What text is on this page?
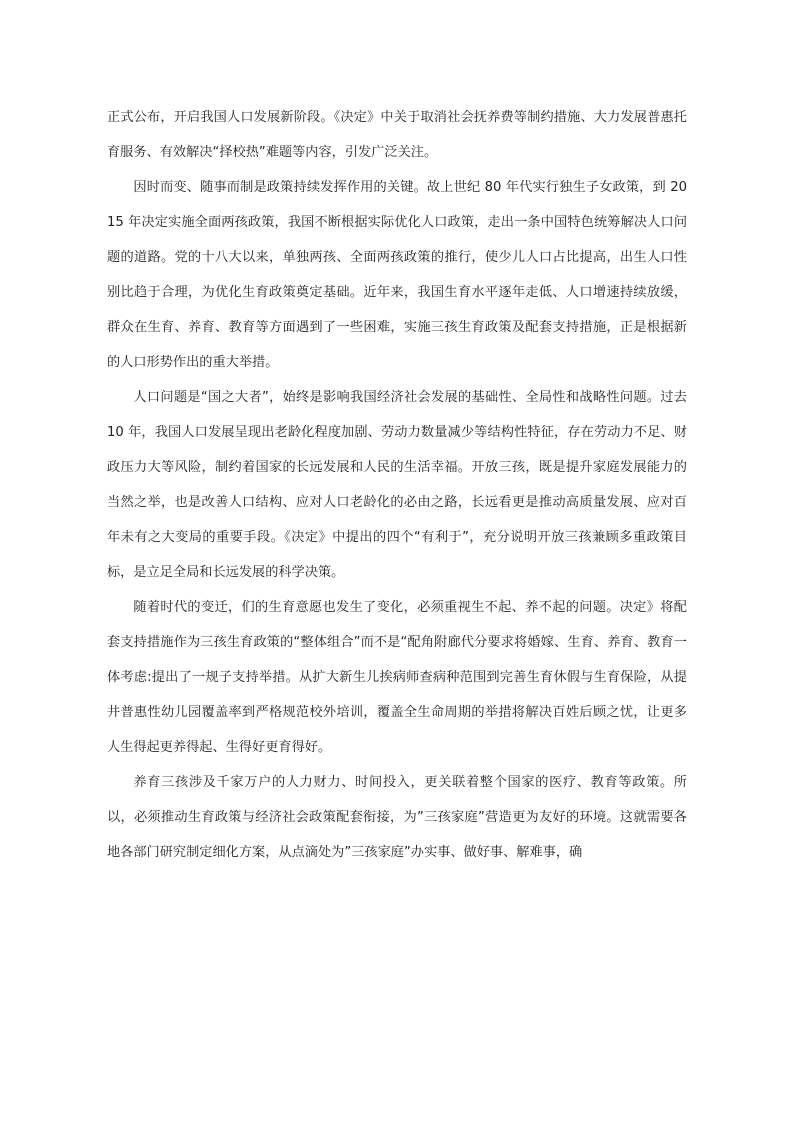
正式公布，开启我国人口发展新阶段。《决定》中关于取消社会抚养费等制约措施、大力发展普惠托育服务、有效解决“择校热”难题等内容，引发广泛关注。

因时而变、随事而制是政策持续发挥作用的关键。故上世纪 80 年代实行独生子女政策，到 2015 年决定实施全面两孩政策，我国不断根据实际优化人口政策，走出一条中国特色统筹解决人口问题的道路。党的十八大以来，单独两孩、全面两孩政策的推行，使少儿人口占比提高，出生人口性别比趋于合理，为优化生育政策奠定基础。近年来，我国生育水平逐年走低、人口增速持续放缓，群众在生育、养育、教育等方面遇到了一些困难，实施三孩生育政策及配套支持措施，正是根据新的人口形势作出的重大举措。

人口问题是“国之大者”，始终是影响我国经济社会发展的基础性、全局性和战略性问题。过去 10 年，我国人口发展呈现出老龄化程度加剧、劳动力数量减少等结构性特征，存在劳动力不足、财政压力大等风险，制约着国家的长远发展和人民的生活幸福。开放三孩，既是提升家庭发展能力的当然之举，也是改善人口结构、应对人口老龄化的必由之路，长远看更是推动高质量发展、应对百年未有之大变局的重要手段。《决定》中提出的四个“有利于”，充分说明开放三孩兼顾多重政策目标，是立足全局和长远发展的科学决策。

随着时代的变迁，们的生育意愿也发生了变化，必须重视生不起、养不起的问题。决定》将配套支持措施作为三孩生育政策的“整体组合”而不是“配角附廊代分要求将婚嫁、生育、养育、教育一体考虑:提出了一规子支持举措。从扩大新生儿挨病师查病种范围到完善生育休假与生育保险，从提井普惠性幼儿园覆盖率到严格规范校外培训，覆盖全生命周期的举措将解决百姓后顾之忧，让更多人生得起更养得起、生得好更育得好。

养育三孩涉及千家万户的人力财力、时间投入，更关联着整个国家的医疗、教育等政策。所以，必须推动生育政策与经济社会政策配套衔接，为”三孩家庭”营造更为友好的环境。这就需要各地各部门研究制定细化方案，从点滴处为”三孩家庭”办实事、做好事、解难事，确
